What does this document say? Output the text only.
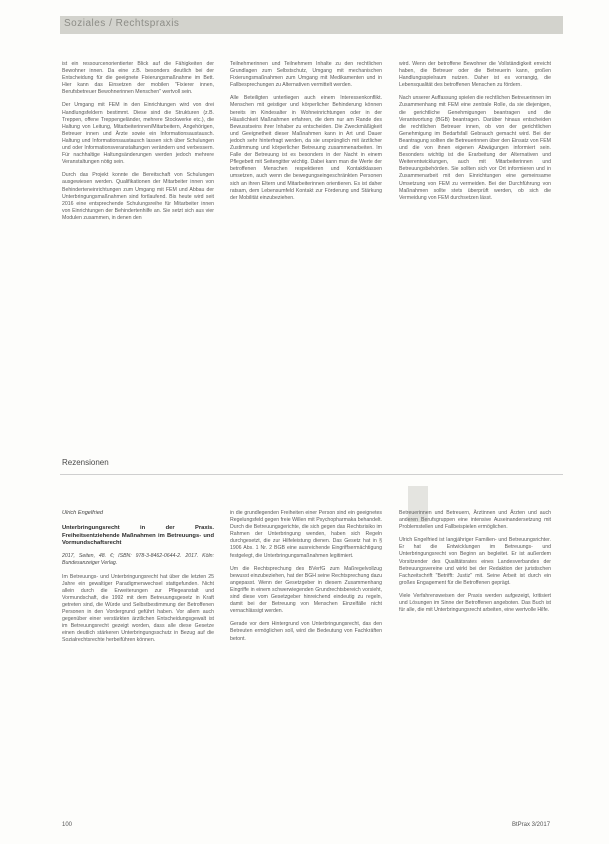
Soziales / Rechtspraxis

ist ein ressourcenorientierter Blick auf die Fähigkeiten der Bewohner innen. Da eine z.B. besonders deutlich bei der Entscheidung für die geeignete Fixierungsmaßnahme im Bett. Hier kann das Einsetzen der mobilen "Fixierer innen, Berufsbetreuer Bewohnerinnen Menschen" wertvoll sein.

Der Umgang mit FEM in den Einrichtungen wird von drei Handlungsfeldern bestimmt. Diese sind die Strukturen (z.B. Treppen, offene Treppengeländer, mehrere Stockwerke etc.), die Haltung von Leitung, Mitarbeiterinnen/Mitarbeitern, Angehörigen, Betreuer innen und Ärzte sowie ein Informationsaustausch. Haltung und Informationsaustausch lassen sich über Schulungen und oder Informationsveranstaltungen verändern und verbessern. Für nachhaltige Haltungsänderungen werden jedoch mehrere Veranstaltungen nötig sein.

Durch das Projekt konnte die Bereitschaft von Schulungen ausgewiesen werden. Qualifikationen der Mitarbeiter innen von Behinderteneinrichtungen zum Umgang mit FEM und Abbau der Unterbringungsmaßnahmen sind fortlaufend. Bis heute wird seit 2016 eine entsprechende Schulungsreihe für Mitarbeiter innen von Einrichtungen der Behindertenhilfe an. Sie setzt sich aus vier Modulen zusammen, in denen den

Teilnehmerinnen und Teilnehmern Inhalte zu den rechtlichen Grundlagen zum Selbstschutz, Umgang mit mechanischen Fixierungsmaßnahmen zum Umgang mit Medikamenten und in Fallbesprechungen zu Alternativen vermittelt werden.

Alle Beteiligten unterliegen auch einem Interessenkonflikt. Menschen mit geistiger und körperlicher Behinderung können bereits im Kindesalter in Wohneinrichtungen oder in der Häuslichkeit Maßnahmen erfahren, die dem nur am Rande des Bewusstseins ihrer Inhaber zu entscheiden. Die Zweckmäßigkeit und Geeignetheit dieser Maßnahmen kann in Art und Dauer jedoch sehr hinterfragt werden, da sie ursprünglich mit ärztlicher Zustimmung und körperlicher Betreuung zusammenarbeiten. Im Falle der Betreuung ist es besonders in der Nacht in einem Pflegebett mit Seitengitter wichtig. Dabei kann man die Werte der betroffenen Menschen respektieren und Kontaktklassen umsetzen, auch wenn die bewegungseingeschränkten Personen sich an ihren Eltern und Mitarbeiterinnen orientieren. Es ist daher ratsam, dem Lebensumfeld Kontakt zur Förderung und Stärkung der Mobilität einzubeziehen.

wird. Wenn der betroffene Bewohner die Vollständigkeit erreicht haben, die Betreuer oder die Betreuerin kann, großen Handlungsspielraum nutzen. Daher ist es vorrangig, die Lebensqualität des betroffenen Menschen zu fördern.

Nach unserer Auffassung spielen die rechtlichen Betreuerinnen im Zusammenhang mit FEM eine zentrale Rolle, da sie diejenigen, die gerichtliche Genehmigungen beantragen und die Verantwortung (BGB) beantragen. Darüber hinaus entscheiden die rechtlichen Betreuer innen, ob von der gerichtlichen Genehmigung im Bedarfsfall Gebrauch gemacht wird. Bei der Beantragung sollten die Betreuerinnen über den Einsatz von FEM und die von ihnen eigenen Abwägungen informiert sein. Besonders wichtig ist die Erarbeitung der Alternativen und Weiterentwicklungen, auch mit Mitarbeiterinnen und Betreuungsbehörden. Sie sollten sich vor Ort informieren und in Zusammenarbeit mit den Einrichtungen eine gemeinsame Umsetzung von FEM zu vermeiden. Bei der Durchführung von Maßnahmen sollte stets überprüft werden, ob sich die Vermeidung von FEM durchsetzen lässt.

Rezensionen

Ulrich Engelfried

Unterbringungsrecht in der Praxis. Freiheitsentziehende Maßnahmen im Betreuungs- und Vormundschaftsrecht

2017, Seiten, 48. €; ISBN: 978-3-8462-0644-2. 2017. Köln: Bundesanzeiger Verlag.

Im Betreuungs- und Unterbringungsrecht hat über die letzten 25 Jahre ein gewaltiger Paradigmenwechsel stattgefunden. Nicht allein durch die Erweiterungen zur Pflegeanstalt und Vormundschaft, die 1992 mit dem Betreuungsgesetz in Kraft getreten sind, die Würde und Selbstbestimmung der Betroffenen Personen in den Vordergrund geführt haben. Vor allem auch gegenüber einer verstärkten ärztlichen Entscheidungsgewalt ist im Betreuungsrecht gezeigt worden, dass alle diese Gesetze einen deutlich stärkeren Unterbringungsschutz in Bezug auf die Sozialrechtsrechte herbeiführen können.

in die grundlegenden Freiheiten einer Person sind ein geeignetes Regelungsfeld gegen freie Willen mit Psychopharmaka behandelt. Durch die Betreuungsgerichte, die sich gegen das Rechtsrisiko im Rahmen der Unterbringung wenden, haben sich Regeln durchgesetzt, die zur Hilfeleistung dienen. Das Gesetz hat in § 1906 Abs. 1 Nr. 2 BGB eine ausreichende Eingriffsermächtigung festgelegt, die Unterbringungsmaßnahmen legitimiert.

Um die Rechtsprechung des BVerfG zum Maßregelvollzug bewusst einzubeziehen, hat der BGH seine Rechtsprechung dazu angepasst. Wenn der Gesetzgeber in diesem Zusammenhang Eingriffe in einem schwerwiegenden Grundrechtsbereich vorsieht, sind diese vom Gesetzgeber hinreichend eindeutig zu regeln, damit bei der Betreuung von Menschen Einzelfälle nicht vernachlässigt werden.

Gerade vor dem Hintergrund von Unterbringungsrecht, das den Betreuten ermöglichen soll, wird die Bedeutung von Fachkräften betont.

Betreuerinnen und Betreuern, Ärztinnen und Ärzten und auch anderen Berufsgruppen eine intensive Auseinandersetzung mit Problemstellen und Fallbeispielen ermöglichen.

Ulrich Engelfried ist langjähriger Familien- und Betreuungsrichter. Er hat die Entwicklungen im Betreuungs- und Unterbringungsrecht von Beginn an begleitet. Er ist außerdem Vorsitzender des Qualitätsrates eines Landesverbandes der Betreuungsvereine und wirkt bei der Redaktion der juristischen Fachzeitschrift "Betrifft: Justiz" mit. Seine Arbeit ist durch ein großes Engagement für die Betroffenen geprägt.

Viele Verfahrensweisen der Praxis werden aufgezeigt, kritisiert und Lösungen im Sinne der Betroffenen angeboten. Das Buch ist für alle, die mit Unterbringungsrecht arbeiten, eine wertvolle Hilfe.

100	BtPrax 3/2017
